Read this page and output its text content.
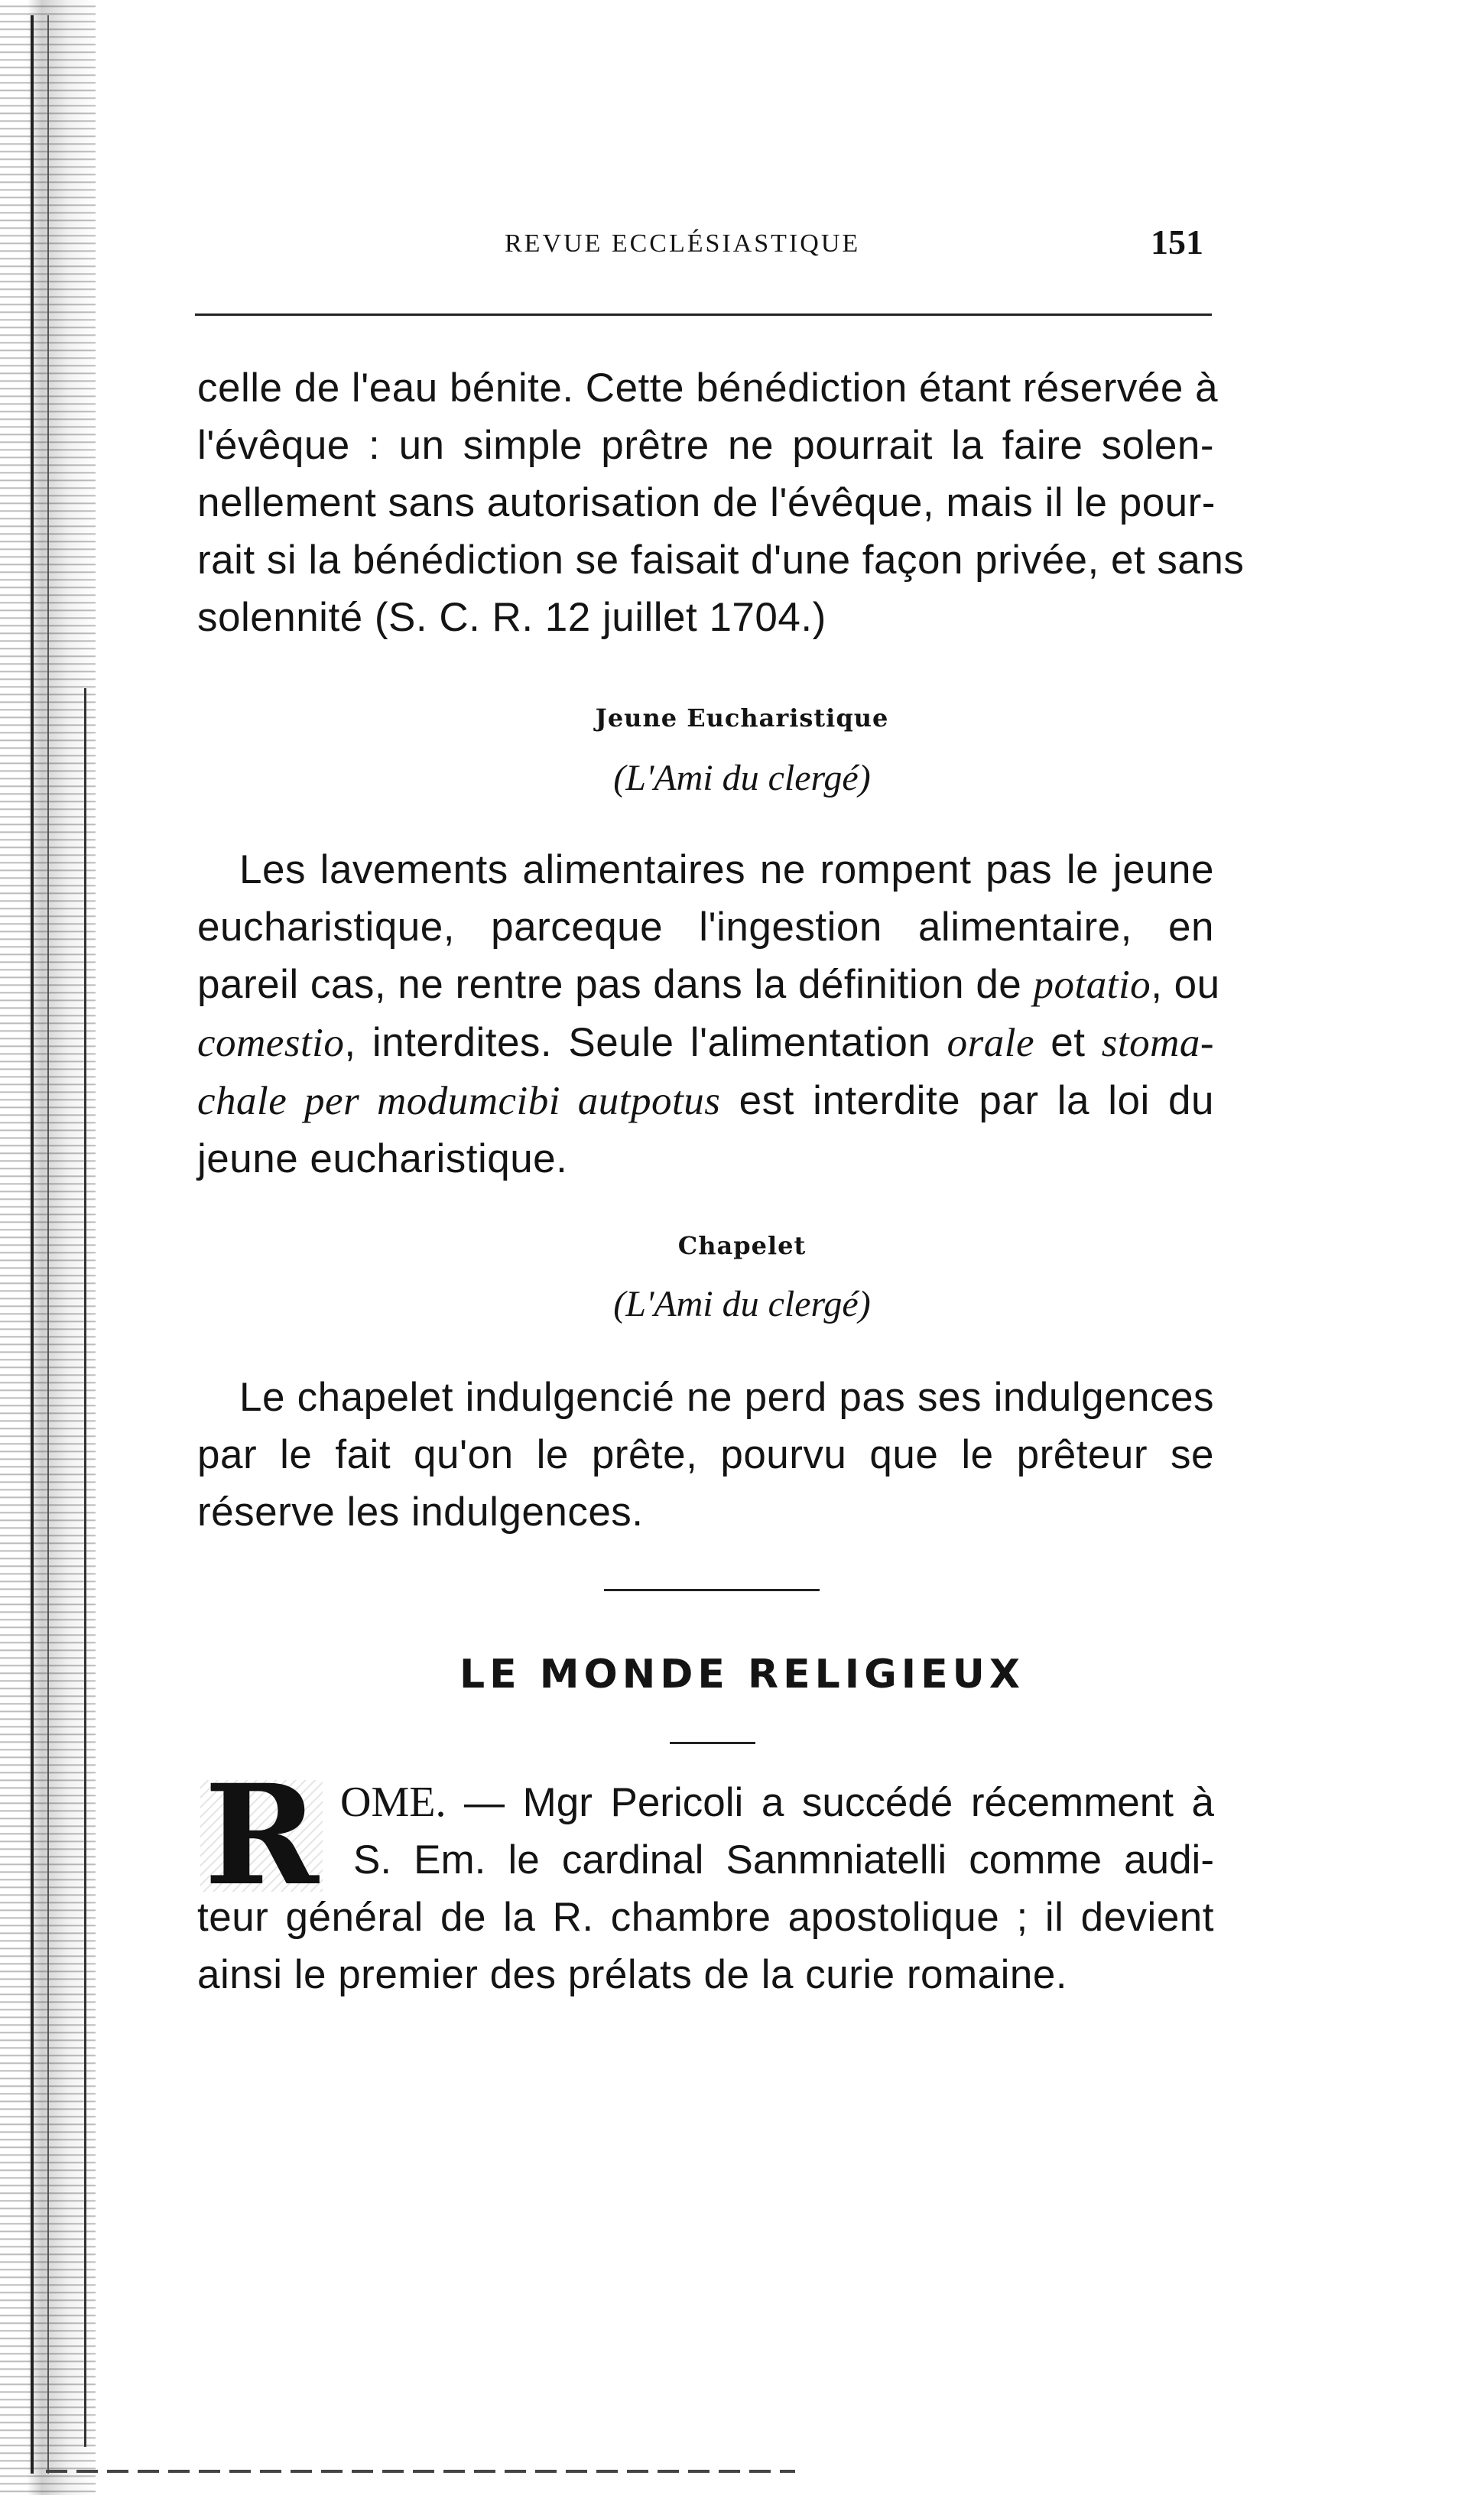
REVUE ECCLÉSIASTIQUE	151
celle de l'eau bénite. Cette bénédiction étant réservée à
l'évêque : un simple prêtre ne pourrait la faire solen-
nellement sans autorisation de l'évêque, mais il le pour-
rait si la bénédiction se faisait d'une façon privée, et sans
solennité (S. C. R. 12 juillet 1704.)
Jeune Eucharistique
(L'Ami du clergé)
Les lavements alimentaires ne rompent pas le jeune
eucharistique, parceque l'ingestion alimentaire, en
pareil cas, ne rentre pas dans la définition de potatio, ou
comestio, interdites. Seule l'alimentation orale et stoma-
chale per modumcibi autpotus est interdite par la loi du
jeune eucharistique.
Chapelet
(L'Ami du clergé)
Le chapelet indulgencié ne perd pas ses indulgences
par le fait qu'on le prête, pourvu que le prêteur se
réserve les indulgences.
LE MONDE RELIGIEUX
R OME. — Mgr Pericoli a succédé récemment à
S. Em. le cardinal Sanmniatelli comme audi-
teur général de la R. chambre apostolique ; il devient
ainsi le premier des prélats de la curie romaine.
